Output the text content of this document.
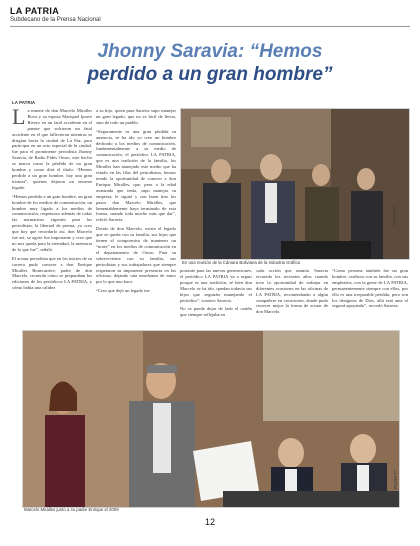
LA PATRIA
Subdecano de la Prensa Nacional
Jhonny Saravia: “Hemos
perdido a un gran hombre”
LA PATRIA

La muerte de don Marcelo Miralles Bova y su esposa Mariquel Iporre Rivero en un fatal accidente en el puente que sufrieron un fatal accidente en el que fallecieron mientras se dirigían hacia la ciudad de La Paz, para participar en un acto especial de la ciudad, fue para el prominente periodista Jhonny Saravia, de Radio Fides Oruro, este hecho se marca como la pérdida de un gran hombre y como dirá el título: “Hemos perdido a un gran hombre, hay una gran tristeza”, quienes dejaron un enorme legado.

“Hemos perdido a un gran hombre, un gran hombre de los medios de comunicación, un hombre muy ligado a los medios de comunicación, respetuoso además de todas las normativas vigentes para los periodistas, la libertad de prensa, yo creo que hoy que recordarlo así, don Marcelo fue así, se agotó fue importante y creo que no nos queda para la eternidad, la memoria de lo que fue”, señaló.

El actuar periodista que en los inicios de su carrera pudo conocer a don Enrique Miralles Bonecarrère, padre de don Marcelo, recuerda cómo se preparaban las ediciones de los periódicos LA PATRIA, y cómo había una calidez

a su hijo, quien para Saravia supo manejar un gran legado, que no es fácil de llevar, sino de todo un pueblo.

“Seguramente es una gran pérdida su ausencia, se ha ido yo creo un hombre dedicado a los medios de comunicación, fundamentalmente a su medio de comunicación, el periódico LA PATRIA, que es una tradición de la familia, los Miralles han manejado este medio que ha estado en las filas del periodismo, hemos tenido la oportunidad de conocer a don Enrique Miralles, que, pese a la edad avanzada que tenía, supo manejar su empresa, le siguió y con buen tino los pasos don Marcelo Miralles, que lamentablemente haya terminado de esta forma, cuando toda mucho más que dar”, refirió Saravia.

Detrás de don Marcelo, existe el legado que se queda con su familia, sus hijos que tienen el compromiso de mantener un “norte” en los medios de comunicación en el departamento de Oruro. Para su sobreviviente con su familia, sus periodistas y sus trabajadores que siempre respetaron su imponente presencia en las oficinas, dejando una enseñanza de amor por lo que uno hace.

“Creo que dejó un legado im-

En una reunión de la Cámara Boliviana de la Industria Gráfica
LA PATRIA

portante para las nuevas generaciones, el periódico LA PATRIA va a seguir porque es una tradición, sé bien don Marcelo se ha ido, quedan todavía sus hijos que seguirán manejando el periódico”, sostuvo Saravia.

No se puede dejar de lado el cariño que siempre reflejaba en

cada acción que asumía. Saravia recuerda los recientes años cuando tuvo la oportunidad de trabajar en diferentes ocasiones en las oficinas de LA PATRIA, recomendando a algún compañero en vacaciones, donde pudo conocer mejor la forma de actuar de don Marcelo.

“Como persona también fue un gran hombre, cariñoso con su familia, con sus empleados, con la gente de LA PATRIA, permanentemente siempre con ellos, por ello es una irreparable pérdida, pero son los designios de Dios, allá está ante el seguirá apoyando”, recordó Saravia.

Marcelo Miralles junto a su padre Enrique el 2009
LA PATRIA
12
